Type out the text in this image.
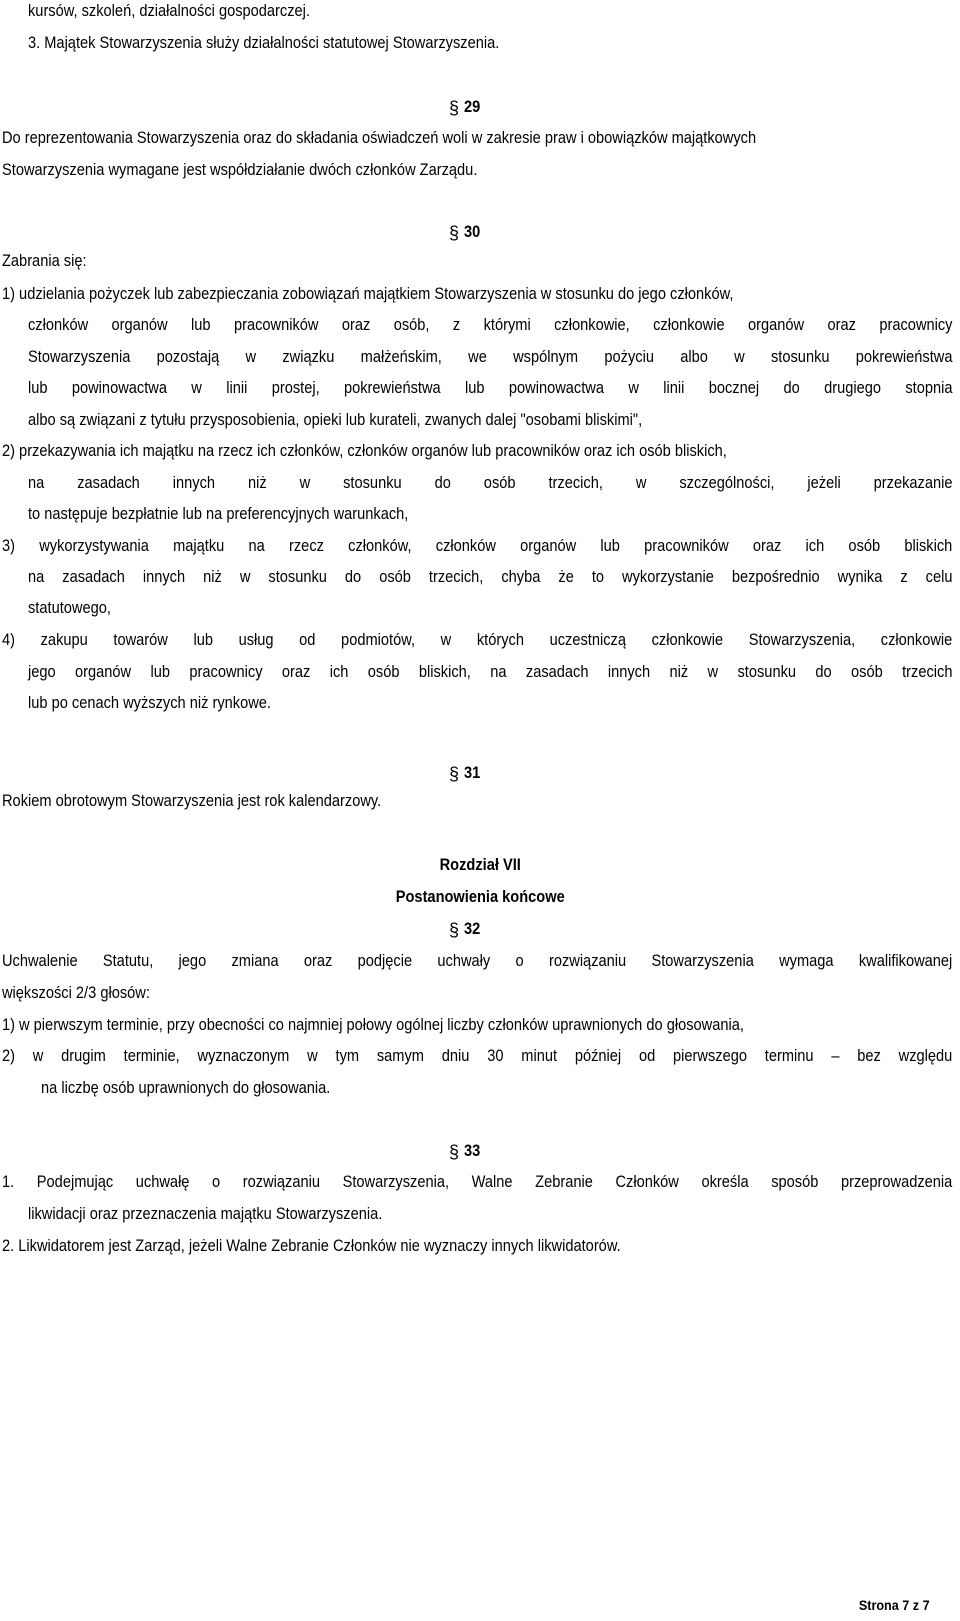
kursów, szkoleń, działalności gospodarczej.
3. Majątek Stowarzyszenia służy działalności statutowej Stowarzyszenia.
§ 29
Do reprezentowania Stowarzyszenia oraz do składania oświadczeń woli w zakresie praw i obowiązków majątkowych
Stowarzyszenia wymagane jest współdziałanie dwóch członków Zarządu.
§ 30
Zabrania się:
1) udzielania pożyczek lub zabezpieczania zobowiązań majątkiem Stowarzyszenia w stosunku do jego członków,
członków organów lub pracowników oraz osób, z którymi członkowie, członkowie organów oraz pracownicy
Stowarzyszenia pozostają w związku małżeńskim, we wspólnym pożyciu albo w stosunku pokrewieństwa
lub powinowactwa w linii prostej, pokrewieństwa lub powinowactwa w linii bocznej do drugiego stopnia
albo są związani z tytułu przysposobienia, opieki lub kurateli, zwanych dalej "osobami bliskimi",
2) przekazywania ich majątku na rzecz ich członków, członków organów lub pracowników oraz ich osób bliskich,
na zasadach innych niż w stosunku do osób trzecich, w szczególności, jeżeli przekazanie
to następuje bezpłatnie lub na preferencyjnych warunkach,
3) wykorzystywania majątku na rzecz członków, członków organów lub pracowników oraz ich osób bliskich
na zasadach innych niż w stosunku do osób trzecich, chyba że to wykorzystanie bezpośrednio wynika z celu
statutowego,
4) zakupu towarów lub usług od podmiotów, w których uczestniczą członkowie Stowarzyszenia, członkowie
jego organów lub pracownicy oraz ich osób bliskich, na zasadach innych niż w stosunku do osób trzecich
lub po cenach wyższych niż rynkowe.
§ 31
Rokiem obrotowym Stowarzyszenia jest rok kalendarzowy.
Rozdział VII
Postanowienia końcowe
§ 32
Uchwalenie Statutu, jego zmiana oraz podjęcie uchwały o rozwiązaniu Stowarzyszenia wymaga kwalifikowanej
większości 2/3 głosów:
1) w pierwszym terminie, przy obecności co najmniej połowy ogólnej liczby członków uprawnionych do głosowania,
2) w drugim terminie, wyznaczonym w tym samym dniu 30 minut później od pierwszego terminu – bez względu
na liczbę osób uprawnionych do głosowania.
§ 33
1. Podejmując uchwałę o rozwiązaniu Stowarzyszenia, Walne Zebranie Członków określa sposób przeprowadzenia
likwidacji oraz przeznaczenia majątku Stowarzyszenia.
2. Likwidatorem jest Zarząd, jeżeli Walne Zebranie Członków nie wyznaczy innych likwidatorów.
Strona 7 z 7
